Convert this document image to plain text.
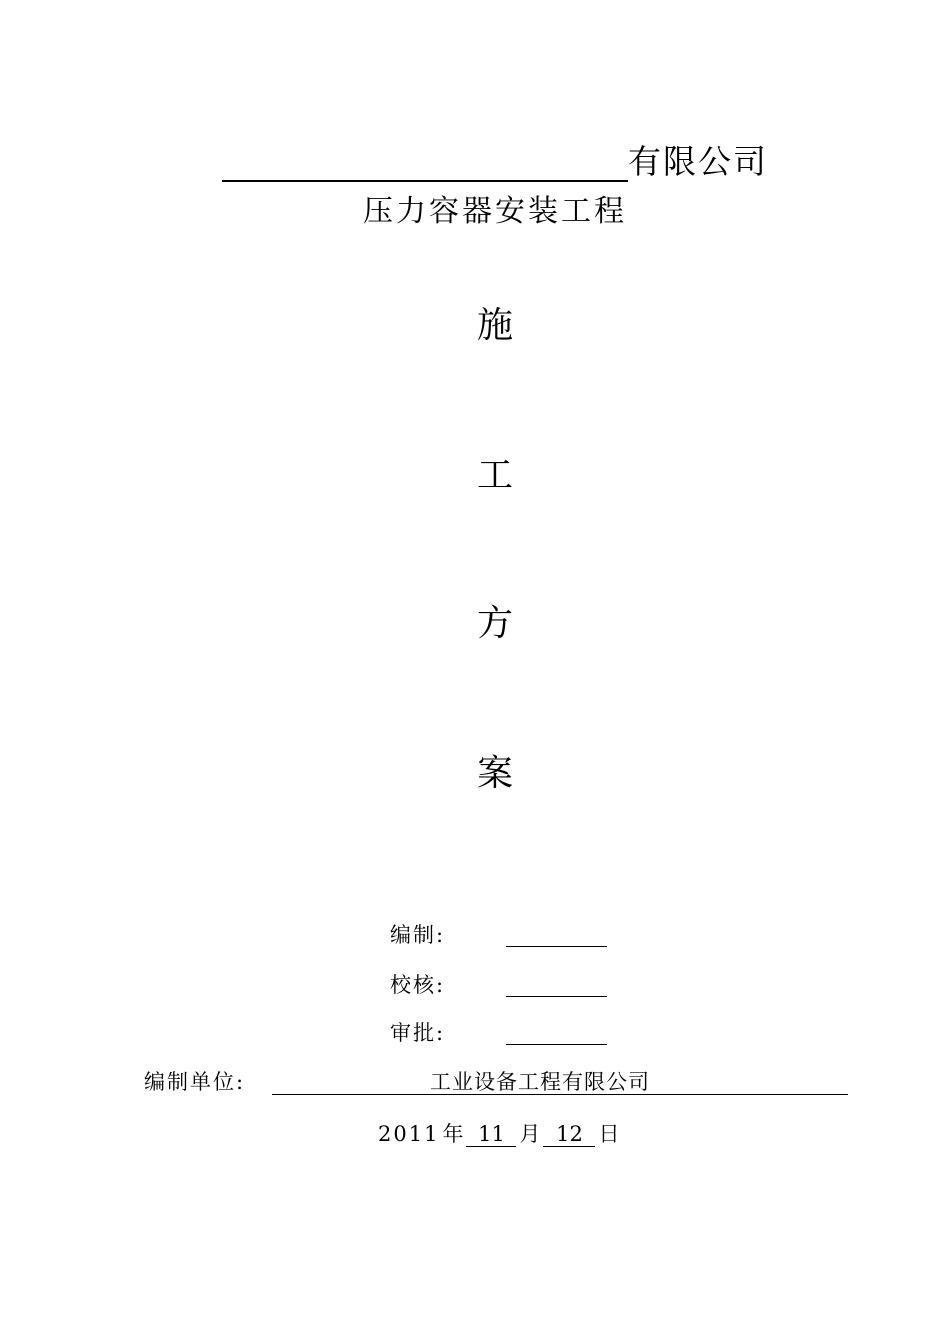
有限公司
压力容器安装工程
施
工
方
案
编制:
校核:
审批:
编制单位:	工业设备工程有限公司
2011 年 11 月 12 日
